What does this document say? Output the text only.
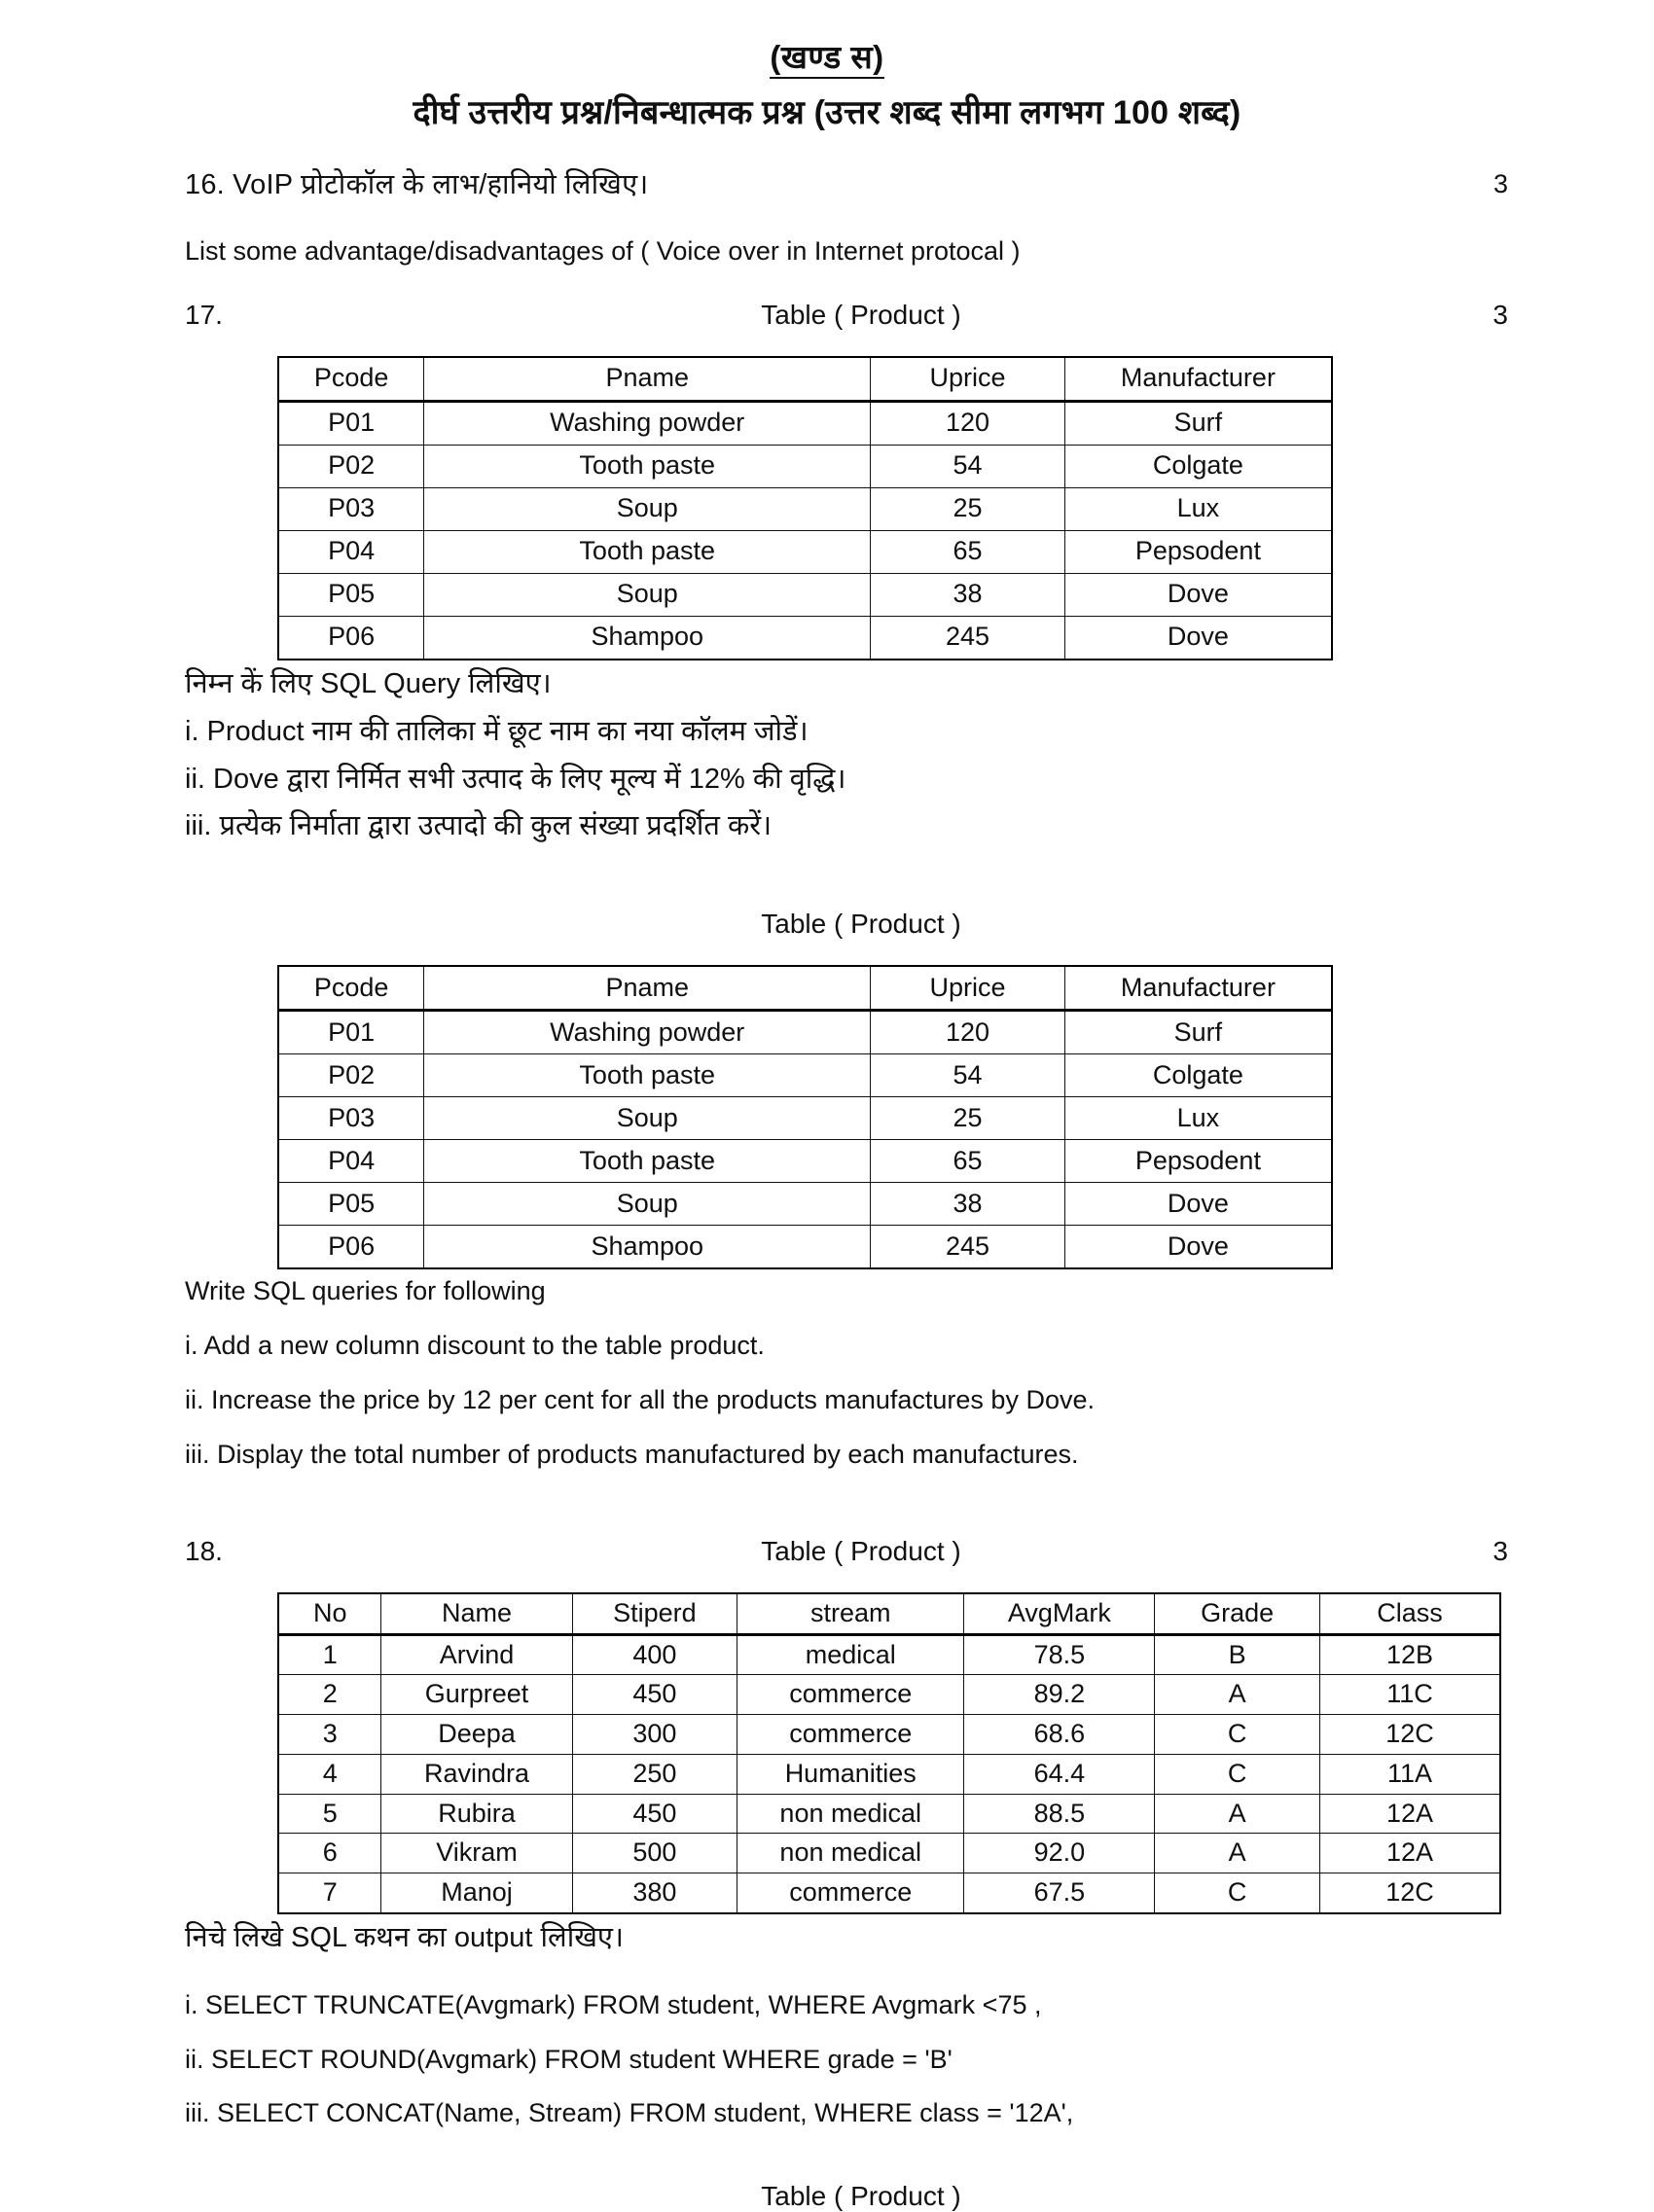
(खण्ड स)
दीर्घ उत्तरीय प्रश्न/निबन्धात्मक प्रश्न (उत्तर शब्द सीमा लगभग 100 शब्द)
16. VoIP प्रोटोकॉल के लाभ/हानियो लिखिए।	3
List some advantage/disadvantages of ( Voice over in Internet protocal )
17.	3
Table ( Product )
Pcode	Pname	Uprice	Manufacturer
P01	Washing powder	120	Surf
P02	Tooth paste	54	Colgate
P03	Soup	25	Lux
P04	Tooth paste	65	Pepsodent
P05	Soup	38	Dove
P06	Shampoo	245	Dove
निम्न कें लिए SQL Query लिखिए।
i. Product नाम की तालिका में छूट नाम का नया कॉलम जोडें।
ii. Dove द्वारा निर्मित सभी उत्पाद के लिए मूल्य में 12% की वृद्धि।
iii. प्रत्येक निर्माता द्वारा उत्पादो की कुल संख्या प्रदर्शित करें।
Table ( Product )
Pcode	Pname	Uprice	Manufacturer
P01	Washing powder	120	Surf
P02	Tooth paste	54	Colgate
P03	Soup	25	Lux
P04	Tooth paste	65	Pepsodent
P05	Soup	38	Dove
P06	Shampoo	245	Dove
Write SQL queries for following
i. Add a new column discount to the table product.
ii. Increase the price by 12 per cent for all the products manufactures by Dove.
iii. Display the total number of products manufactured by each manufactures.
18.	3
Table ( Product )
No	Name	Stiperd	stream	AvgMark	Grade	Class
1	Arvind	400	medical	78.5	B	12B
2	Gurpreet	450	commerce	89.2	A	11C
3	Deepa	300	commerce	68.6	C	12C
4	Ravindra	250	Humanities	64.4	C	11A
5	Rubira	450	non medical	88.5	A	12A
6	Vikram	500	non medical	92.0	A	12A
7	Manoj	380	commerce	67.5	C	12C
निचे लिखे SQL कथन का output लिखिए।
i. SELECT TRUNCATE(Avgmark) FROM student, WHERE Avgmark <75 ,
ii. SELECT ROUND(Avgmark) FROM student WHERE grade = 'B'
iii. SELECT CONCAT(Name, Stream) FROM student, WHERE class = '12A',
Table ( Product )
